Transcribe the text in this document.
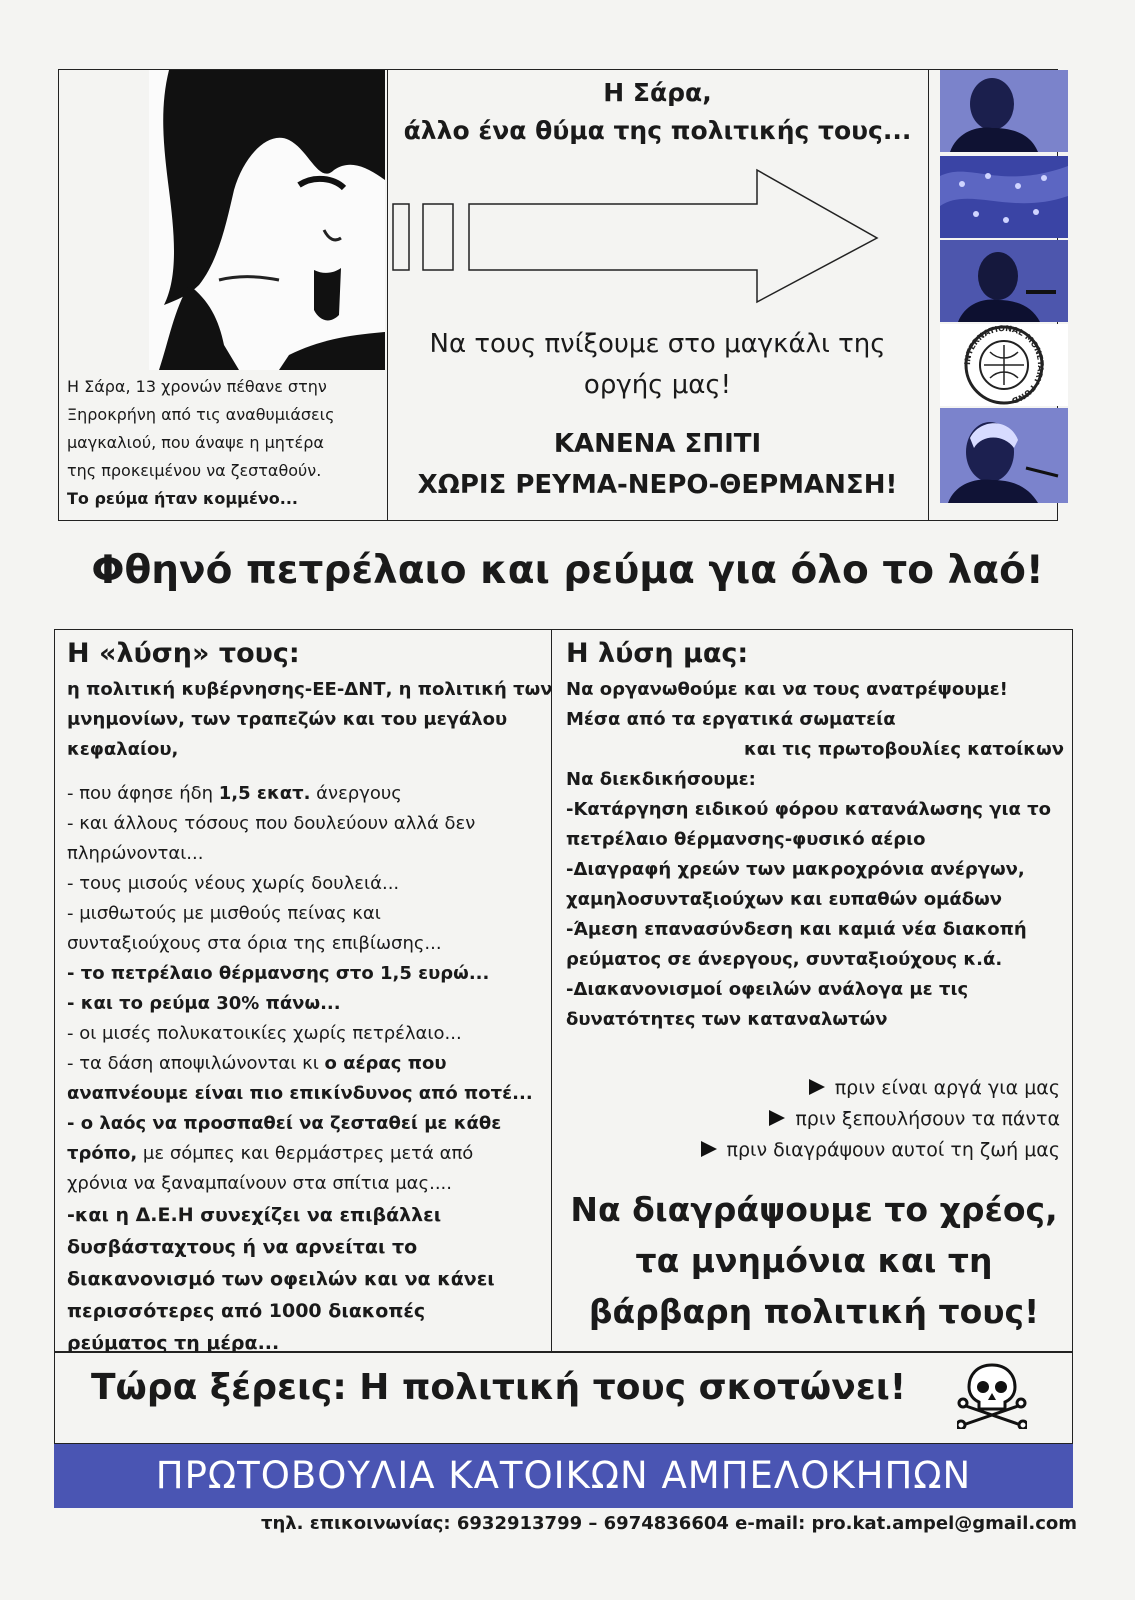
Η Σάρα, 13 χρονών πέθανε στην
Ξηροκρήνη από τις αναθυμιάσεις
μαγκαλιού, που άναψε η μητέρα
της προκειμένου να ζεσταθούν.
Το ρεύμα ήταν κομμένο...
Η Σάρα,
άλλο ένα θύμα της πολιτικής τους...
Να τους πνίξουμε στο μαγκάλι της
οργής μας!
ΚΑΝΕΝΑ ΣΠΙΤΙ
ΧΩΡΙΣ ΡΕΥΜΑ-ΝΕΡΟ-ΘΕΡΜΑΝΣΗ!
INTERNATIONAL MONETARY FUND
Φθηνό πετρέλαιο και ρεύμα για όλο το λαό!
Η «λύση» τους:

η πολιτική κυβέρνησης-ΕΕ-ΔΝΤ, η πολιτική των

μνημονίων, των τραπεζών και του μεγάλου

κεφαλαίου,

- που άφησε ήδη 1,5 εκατ. άνεργους

- και άλλους τόσους που δουλεύουν αλλά δεν

πληρώνονται...

- τους μισούς νέους χωρίς δουλειά...

- μισθωτούς με μισθούς πείνας και

συνταξιούχους στα όρια της επιβίωσης...

- το πετρέλαιο θέρμανσης στο 1,5 ευρώ...

- και το ρεύμα 30% πάνω...

- οι μισές πολυκατοικίες χωρίς πετρέλαιο...

- τα δάση αποψιλώνονται κι ο αέρας που

αναπνέουμε είναι πιο επικίνδυνος από ποτέ...

- ο λαός να προσπαθεί να ζεσταθεί με κάθε

τρόπο, με σόμπες και θερμάστρες μετά από

χρόνια να ξαναμπαίνουν στα σπίτια μας....

-και η Δ.Ε.Η συνεχίζει να επιβάλλει

δυσβάσταχτους ή να αρνείται το

διακανονισμό των οφειλών και να κάνει

περισσότερες από 1000 διακοπές

ρεύματος τη μέρα...

Η λύση μας:

Να οργανωθούμε και να τους ανατρέψουμε!

Μέσα από τα εργατικά σωματεία

και τις πρωτοβουλίες κατοίκων

Να διεκδικήσουμε:

-Κατάργηση ειδικού φόρου κατανάλωσης για το

πετρέλαιο θέρμανσης-φυσικό αέριο

-Διαγραφή χρεών των μακροχρόνια ανέργων,

χαμηλοσυνταξιούχων και ευπαθών ομάδων

-Άμεση επανασύνδεση και καμιά νέα διακοπή

ρεύματος σε άνεργους, συνταξιούχους κ.ά.

-Διακανονισμοί οφειλών ανάλογα με τις

δυνατότητες των καταναλωτών

πριν είναι αργά για μας
πριν ξεπουλήσουν τα πάντα
πριν διαγράψουν αυτοί τη ζωή μας
Να διαγράψουμε το χρέος,
τα μνημόνια και τη
βάρβαρη πολιτική τους!
Τώρα ξέρεις: Η πολιτική τους σκοτώνει!
ΠΡΩΤΟΒΟΥΛΙΑ ΚΑΤΟΙΚΩΝ ΑΜΠΕΛΟΚΗΠΩΝ
τηλ. επικοινωνίας: 6932913799 – 6974836604 e-mail: pro.kat.ampel@gmail.com
